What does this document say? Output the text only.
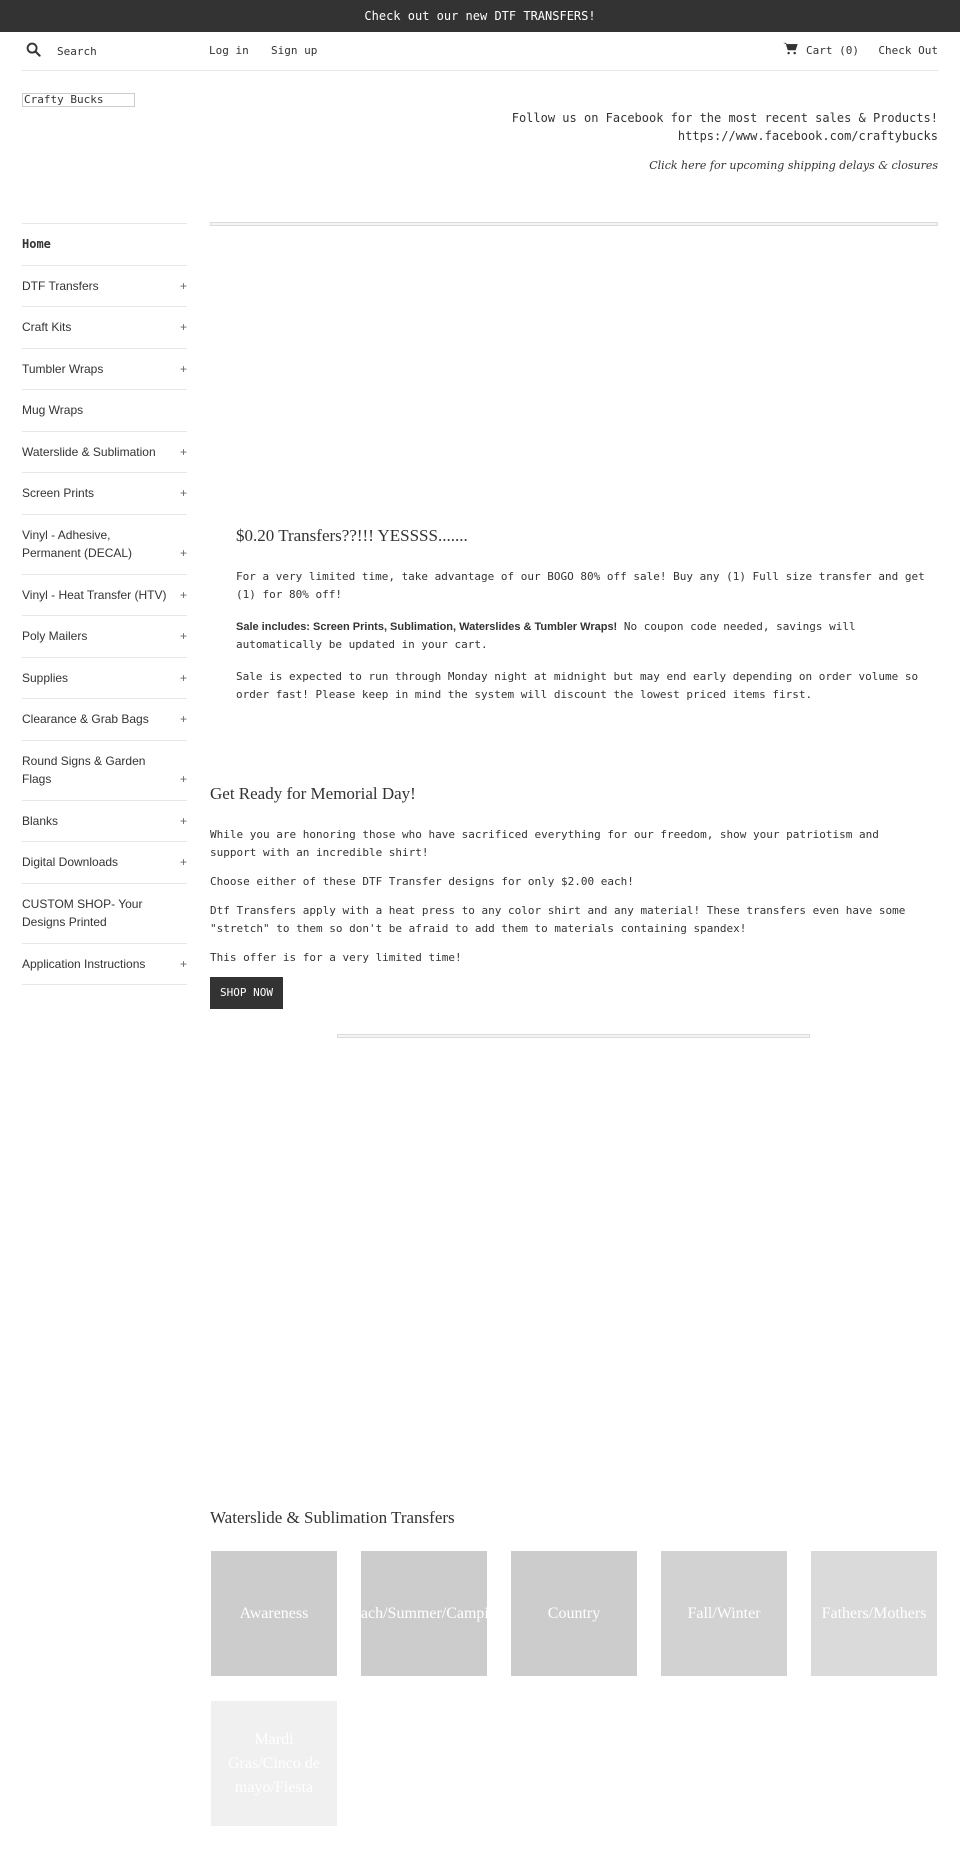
Check out our new DTF TRANSFERS!
Search
Log in Sign up	Cart (0) Check Out
Crafty Bucks
Follow us on Facebook for the most recent sales & Products!
https://www.facebook.com/craftybucks
Click here for upcoming shipping delays & closures
Home
DTF Transfers	+
Craft Kits	+
Tumbler Wraps	+
Mug Wraps
Waterslide & Sublimation +
Screen Prints	+
Vinyl - Adhesive, Permanent (DECAL)	+
Vinyl - Heat Transfer (HTV) +
Poly Mailers	+
Supplies	+
Clearance & Grab Bags	+
Round Signs & Garden Flags	+
Blanks	+
Digital Downloads	+
CUSTOM SHOP- Your Designs Printed
Application Instructions	+
$0.20 Transfers??!!! YESSSS.......

For a very limited time, take advantage of our BOGO 80% off sale! Buy any (1) Full size transfer and get (1) for 80% off!

Sale includes: Screen Prints, Sublimation, Waterslides & Tumbler Wraps! No coupon code needed, savings will automatically be updated in your cart.

Sale is expected to run through Monday night at midnight but may end early depending on order volume so order fast! Please keep in mind the system will discount the lowest priced items first.

Get Ready for Memorial Day!

While you are honoring those who have sacrificed everything for our freedom, show your patriotism and support with an incredible shirt!

Choose either of these DTF Transfer designs for only $2.00 each!

Dtf Transfers apply with a heat press to any color shirt and any material! These transfers even have some "stretch" to them so don't be afraid to add them to materials containing spandex!

This offer is for a very limited time!

SHOP NOW
Waterslide & Sublimation Transfers
Awareness Beach/Summer/Camping	Country	Fall/Winter	Fathers/Mothers
Mardi Gras/Cinco de mayo/Fiesta
